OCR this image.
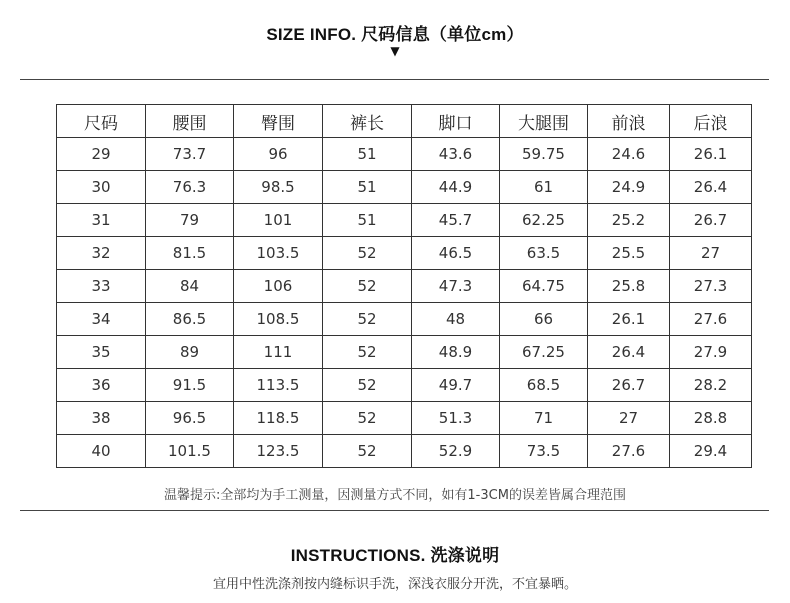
SIZE INFO. 尺码信息（单位cm）
▼
尺码	腰围	臀围	裤长	脚口	大腿围	前浪	后浪
29	73.7	96	51	43.6	59.75	24.6	26.1
30	76.3	98.5	51	44.9	61	24.9	26.4
31	79	101	51	45.7	62.25	25.2	26.7
32	81.5	103.5	52	46.5	63.5	25.5	27
33	84	106	52	47.3	64.75	25.8	27.3
34	86.5	108.5	52	48	66	26.1	27.6
35	89	111	52	48.9	67.25	26.4	27.9
36	91.5	113.5	52	49.7	68.5	26.7	28.2
38	96.5	118.5	52	51.3	71	27	28.8
40	101.5	123.5	52	52.9	73.5	27.6	29.4
温馨提示:全部均为手工测量，因测量方式不同，如有1-3CM的误差皆属合理范围
INSTRUCTIONS. 洗涤说明
宜用中性洗涤剂按内缝标识手洗，深浅衣服分开洗，不宜暴晒。
